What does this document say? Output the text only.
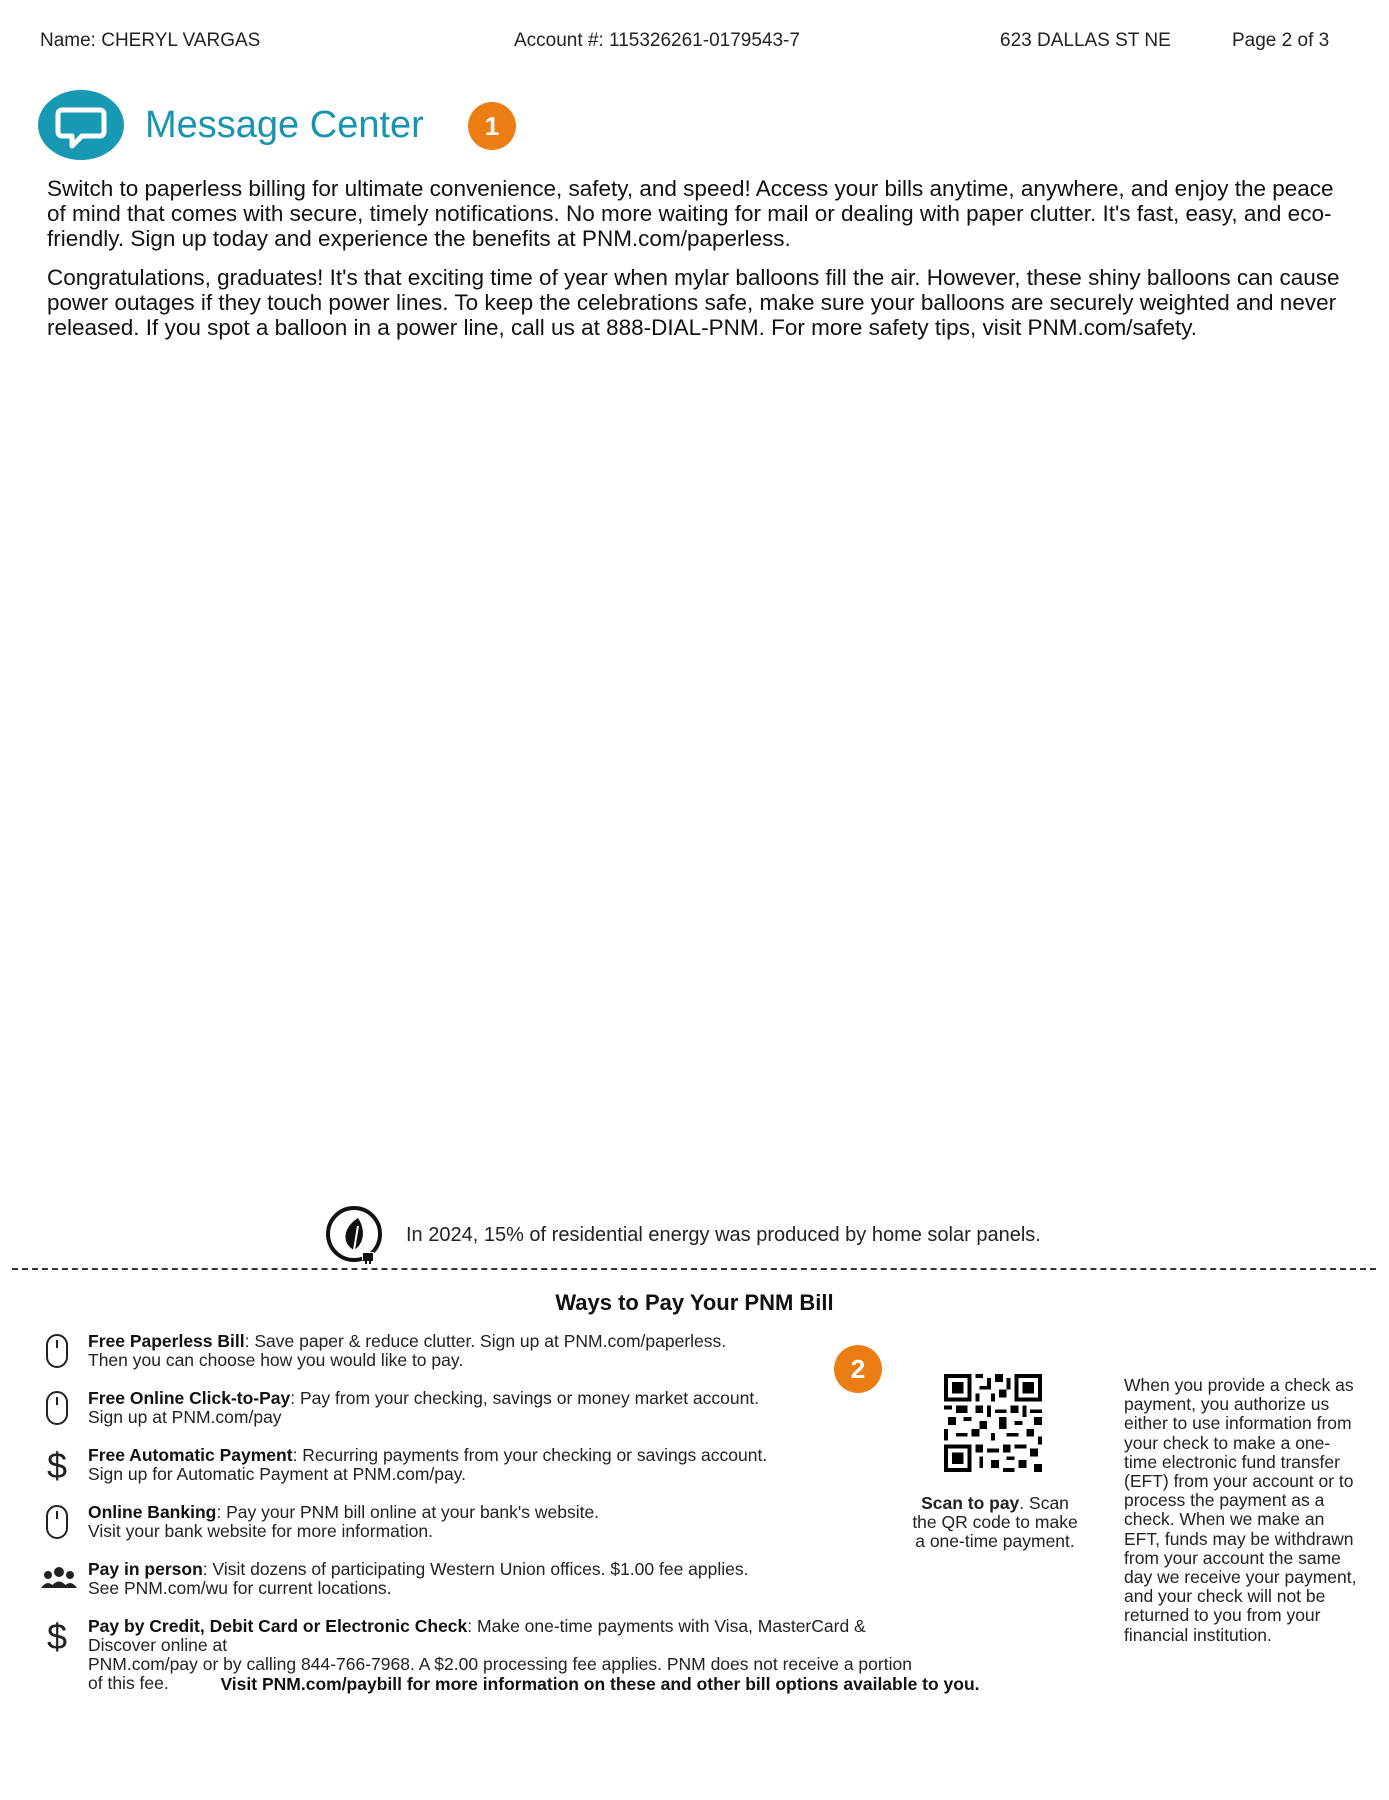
Name: CHERYL VARGAS	Account #: 115326261-0179543-7	623 DALLAS ST NE	Page 2 of 3
Message Center	1

Switch to paperless billing for ultimate convenience, safety, and speed! Access your bills anytime, anywhere, and enjoy the peace of mind that comes with secure, timely notifications. No more waiting for mail or dealing with paper clutter. It's fast, easy, and eco-friendly. Sign up today and experience the benefits at PNM.com/paperless.

Congratulations, graduates! It's that exciting time of year when mylar balloons fill the air. However, these shiny balloons can cause power outages if they touch power lines. To keep the celebrations safe, make sure your balloons are securely weighted and never released. If you spot a balloon in a power line, call us at 888-DIAL-PNM. For more safety tips, visit PNM.com/safety.

In 2024, 15% of residential energy was produced by home solar panels.
Ways to Pay Your PNM Bill
2
Free Paperless Bill: Save paper & reduce clutter. Sign up at PNM.com/paperless.
Then you can choose how you would like to pay.
Free Online Click-to-Pay: Pay from your checking, savings or money market account.
Sign up at PNM.com/pay
$ Free Automatic Payment: Recurring payments from your checking or savings account.
Sign up for Automatic Payment at PNM.com/pay.
Online Banking: Pay your PNM bill online at your bank's website.
Visit your bank website for more information.
Pay in person: Visit dozens of participating Western Union offices. $1.00 fee applies.
See PNM.com/wu for current locations.
$ Pay by Credit, Debit Card or Electronic Check: Make one-time payments with Visa, MasterCard & Discover online at
PNM.com/pay or by calling 844-766-7968. A $2.00 processing fee applies. PNM does not receive a portion of this fee.
Scan to pay. Scan the QR code to make a one-time payment.
When you provide a check as payment, you authorize us either to use information from your check to make a one-time electronic fund transfer (EFT) from your account or to process the payment as a check. When we make an EFT, funds may be withdrawn from your account the same day we receive your payment, and your check will not be returned to you from your financial institution.
Visit PNM.com/paybill for more information on these and other bill options available to you.
